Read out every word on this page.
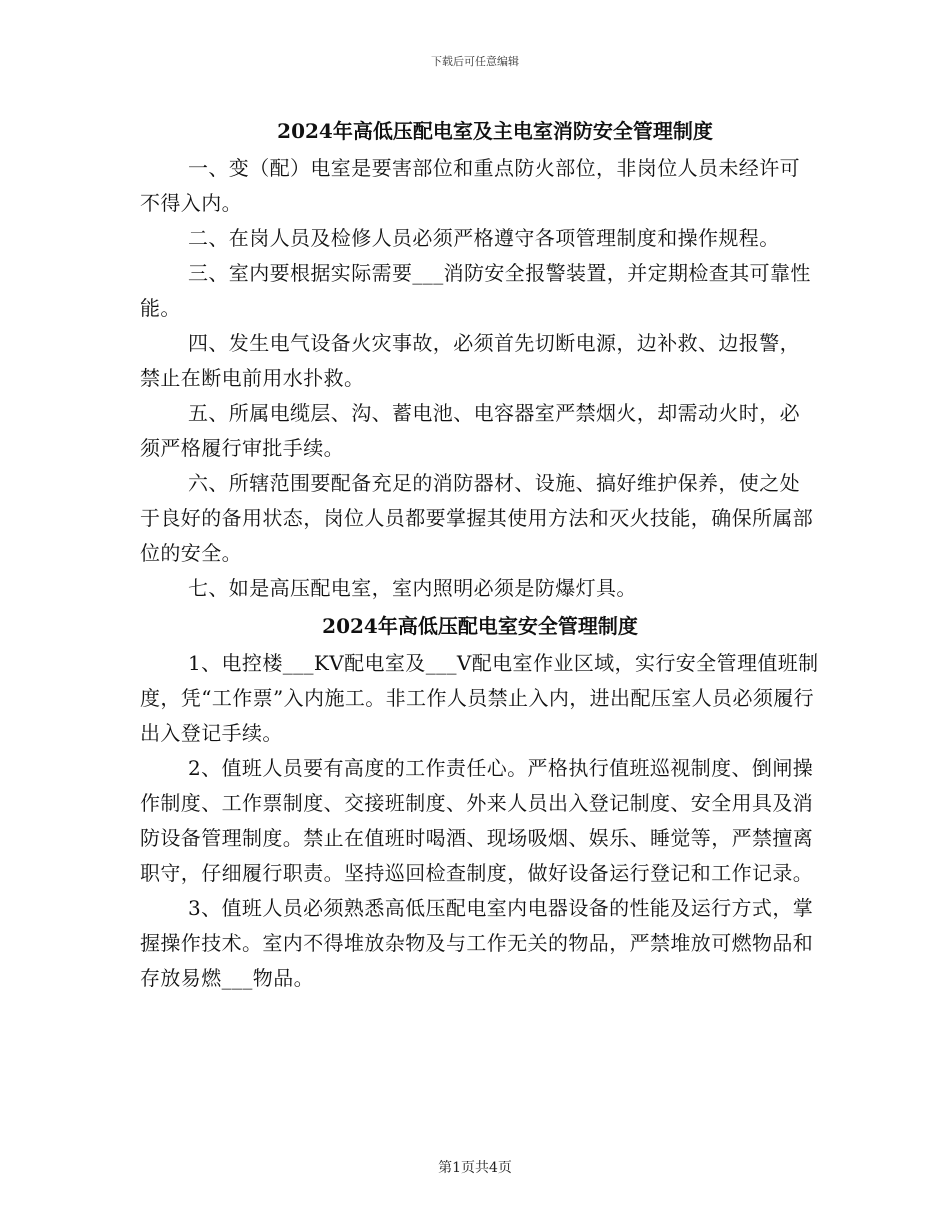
下载后可任意编辑
2024年高低压配电室及主电室消防安全管理制度

一、变（配）电室是要害部位和重点防火部位，非岗位人员未经许可不得入内。

二、在岗人员及检修人员必须严格遵守各项管理制度和操作规程。

三、室内要根据实际需要___消防安全报警装置，并定期检查其可靠性能。

四、发生电气设备火灾事故，必须首先切断电源，边补救、边报警，禁止在断电前用水扑救。

五、所属电缆层、沟、蓄电池、电容器室严禁烟火，却需动火时，必须严格履行审批手续。

六、所辖范围要配备充足的消防器材、设施、搞好维护保养，使之处于良好的备用状态，岗位人员都要掌握其使用方法和灭火技能，确保所属部位的安全。

七、如是高压配电室，室内照明必须是防爆灯具。

2024年高低压配电室安全管理制度

1、电控楼___KV配电室及___V配电室作业区域，实行安全管理值班制度，凭“工作票”入内施工。非工作人员禁止入内，进出配压室人员必须履行出入登记手续。

2、值班人员要有高度的工作责任心。严格执行值班巡视制度、倒闸操作制度、工作票制度、交接班制度、外来人员出入登记制度、安全用具及消防设备管理制度。禁止在值班时喝酒、现场吸烟、娱乐、睡觉等，严禁擅离职守，仔细履行职责。坚持巡回检查制度，做好设备运行登记和工作记录。

3、值班人员必须熟悉高低压配电室内电器设备的性能及运行方式，掌握操作技术。室内不得堆放杂物及与工作无关的物品，严禁堆放可燃物品和存放易燃___物品。

第1页共4页
